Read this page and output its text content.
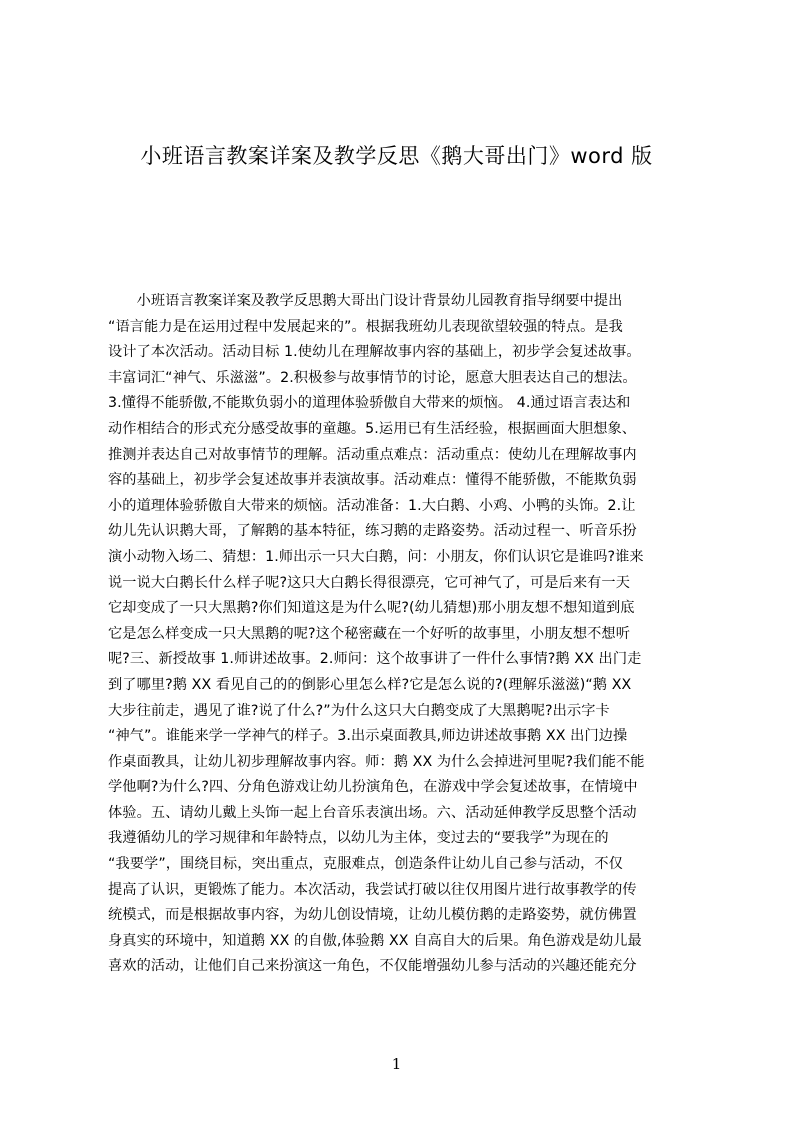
小班语言教案详案及教学反思《鹅大哥出门》word 版
　　小班语言教案详案及教学反思鹅大哥出门设计背景幼儿园教育指导纲要中提出
“语言能力是在运用过程中发展起来的”。根据我班幼儿表现欲望较强的特点。是我
设计了本次活动。活动目标 1.使幼儿在理解故事内容的基础上，初步学会复述故事。
丰富词汇“神气、乐滋滋”。2.积极参与故事情节的讨论，愿意大胆表达自己的想法。
3.懂得不能骄傲,不能欺负弱小的道理体验骄傲自大带来的烦恼。 4.通过语言表达和
动作相结合的形式充分感受故事的童趣。5.运用已有生活经验，根据画面大胆想象、
推测并表达自己对故事情节的理解。活动重点难点：活动重点：使幼儿在理解故事内
容的基础上，初步学会复述故事并表演故事。活动难点：懂得不能骄傲，不能欺负弱
小的道理体验骄傲自大带来的烦恼。活动准备：1.大白鹅、小鸡、小鸭的头饰。2.让
幼儿先认识鹅大哥，了解鹅的基本特征，练习鹅的走路姿势。活动过程一、听音乐扮
演小动物入场二、猜想：1.师出示一只大白鹅，问：小朋友，你们认识它是谁吗?谁来
说一说大白鹅长什么样子呢?这只大白鹅长得很漂亮，它可神气了，可是后来有一天
它却变成了一只大黑鹅?你们知道这是为什么呢?(幼儿猜想)那小朋友想不想知道到底
它是怎么样变成一只大黑鹅的呢?这个秘密藏在一个好听的故事里，小朋友想不想听
呢?三、新授故事 1.师讲述故事。2.师问：这个故事讲了一件什么事情?鹅 XX 出门走
到了哪里?鹅 XX 看见自己的的倒影心里怎么样?它是怎么说的?(理解乐滋滋)“鹅 XX
大步往前走，遇见了谁?说了什么?”为什么这只大白鹅变成了大黑鹅呢?出示字卡
“神气”。谁能来学一学神气的样子。3.出示桌面教具,师边讲述故事鹅 XX 出门边操
作桌面教具，让幼儿初步理解故事内容。师：鹅 XX 为什么会掉进河里呢?我们能不能
学他啊?为什么?四、分角色游戏让幼儿扮演角色，在游戏中学会复述故事，在情境中
体验。五、请幼儿戴上头饰一起上台音乐表演出场。六、活动延伸教学反思整个活动
我遵循幼儿的学习规律和年龄特点，以幼儿为主体，变过去的“要我学”为现在的
“我要学”，围绕目标，突出重点，克服难点，创造条件让幼儿自己参与活动，不仅
提高了认识，更锻炼了能力。本次活动，我尝试打破以往仅用图片进行故事教学的传
统模式，而是根据故事内容，为幼儿创设情境，让幼儿模仿鹅的走路姿势，就仿佛置
身真实的环境中，知道鹅 XX 的自傲,体验鹅 XX 自高自大的后果。角色游戏是幼儿最
喜欢的活动，让他们自己来扮演这一角色，不仅能增强幼儿参与活动的兴趣还能充分
1
